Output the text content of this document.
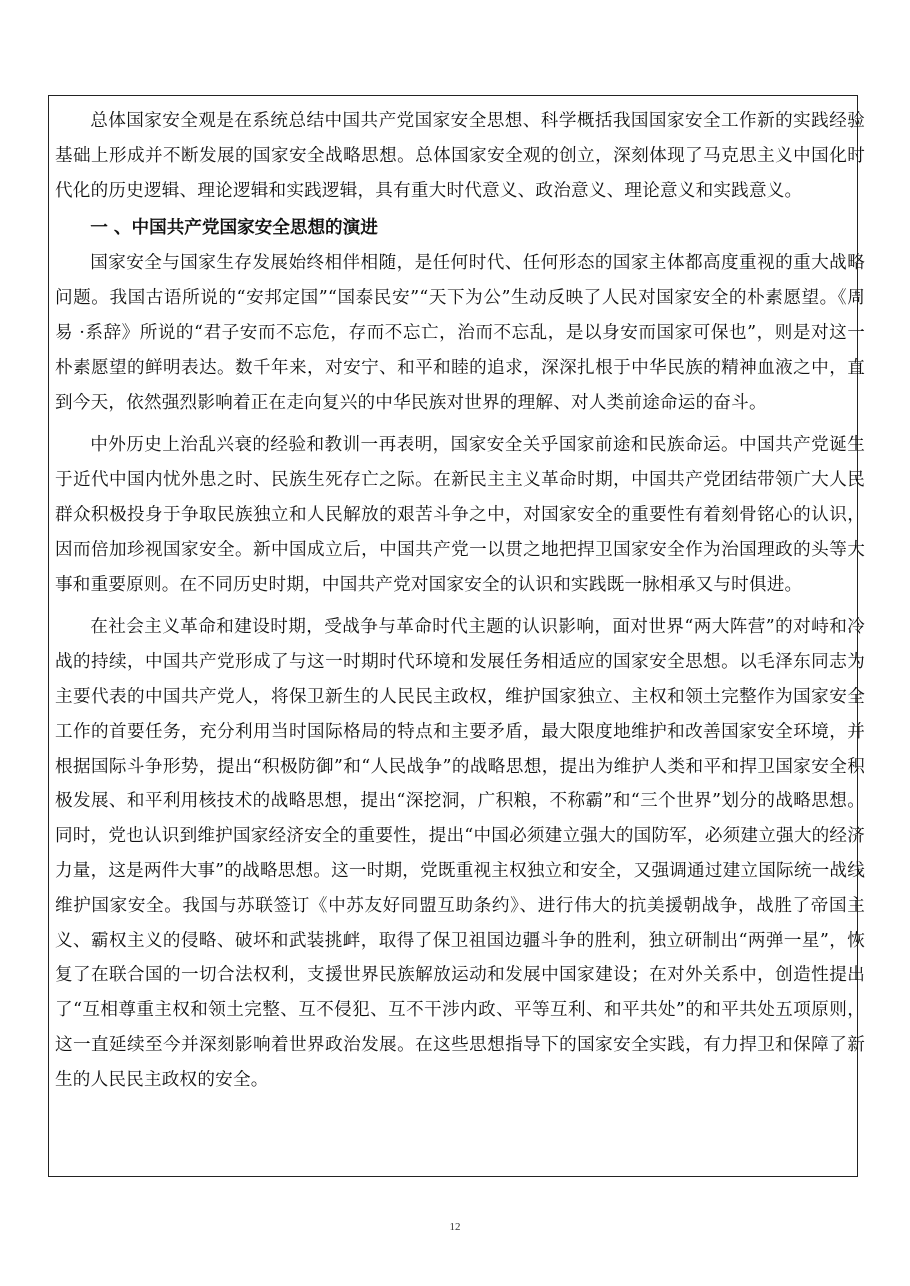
总体国家安全观是在系统总结中国共产党国家安全思想、科学概括我国国家安全工作新的实践经验基础上形成并不断发展的国家安全战略思想。总体国家安全观的创立，深刻体现了马克思主义中国化时代化的历史逻辑、理论逻辑和实践逻辑，具有重大时代意义、政治意义、理论意义和实践意义。

一 、中国共产党国家安全思想的演进

国家安全与国家生存发展始终相伴相随，是任何时代、任何形态的国家主体都高度重视的重大战略问题。我国古语所说的“安邦定国”“国泰民安”“天下为公”生动反映了人民对国家安全的朴素愿望。《周易 ·系辞》所说的“君子安而不忘危，存而不忘亡，治而不忘乱，是以身安而国家可保也”，则是对这一朴素愿望的鲜明表达。数千年来，对安宁、和平和睦的追求，深深扎根于中华民族的精神血液之中，直到今天，依然强烈影响着正在走向复兴的中华民族对世界的理解、对人类前途命运的奋斗。

中外历史上治乱兴衰的经验和教训一再表明，国家安全关乎国家前途和民族命运。中国共产党诞生于近代中国内忧外患之时、民族生死存亡之际。在新民主主义革命时期，中国共产党团结带领广大人民群众积极投身于争取民族独立和人民解放的艰苦斗争之中，对国家安全的重要性有着刻骨铭心的认识，因而倍加珍视国家安全。新中国成立后，中国共产党一以贯之地把捍卫国家安全作为治国理政的头等大事和重要原则。在不同历史时期，中国共产党对国家安全的认识和实践既一脉相承又与时俱进。

在社会主义革命和建设时期，受战争与革命时代主题的认识影响，面对世界“两大阵营”的对峙和冷战的持续，中国共产党形成了与这一时期时代环境和发展任务相适应的国家安全思想。以毛泽东同志为主要代表的中国共产党人，将保卫新生的人民民主政权，维护国家独立、主权和领土完整作为国家安全工作的首要任务，充分利用当时国际格局的特点和主要矛盾，最大限度地维护和改善国家安全环境，并根据国际斗争形势，提出“积极防御”和“人民战争”的战略思想，提出为维护人类和平和捍卫国家安全积极发展、和平利用核技术的战略思想，提出“深挖洞，广积粮，不称霸”和“三个世界”划分的战略思想。同时，党也认识到维护国家经济安全的重要性，提出“中国必须建立强大的国防军，必须建立强大的经济力量，这是两件大事”的战略思想。这一时期，党既重视主权独立和安全，又强调通过建立国际统一战线维护国家安全。我国与苏联签订《中苏友好同盟互助条约》、进行伟大的抗美援朝战争，战胜了帝国主义、霸权主义的侵略、破坏和武装挑衅，取得了保卫祖国边疆斗争的胜利，独立研制出“两弹一星”，恢复了在联合国的一切合法权利，支援世界民族解放运动和发展中国家建设；在对外关系中，创造性提出了“互相尊重主权和领土完整、互不侵犯、互不干涉内政、平等互利、和平共处”的和平共处五项原则，这一直延续至今并深刻影响着世界政治发展。在这些思想指导下的国家安全实践，有力捍卫和保障了新生的人民民主政权的安全。

12
